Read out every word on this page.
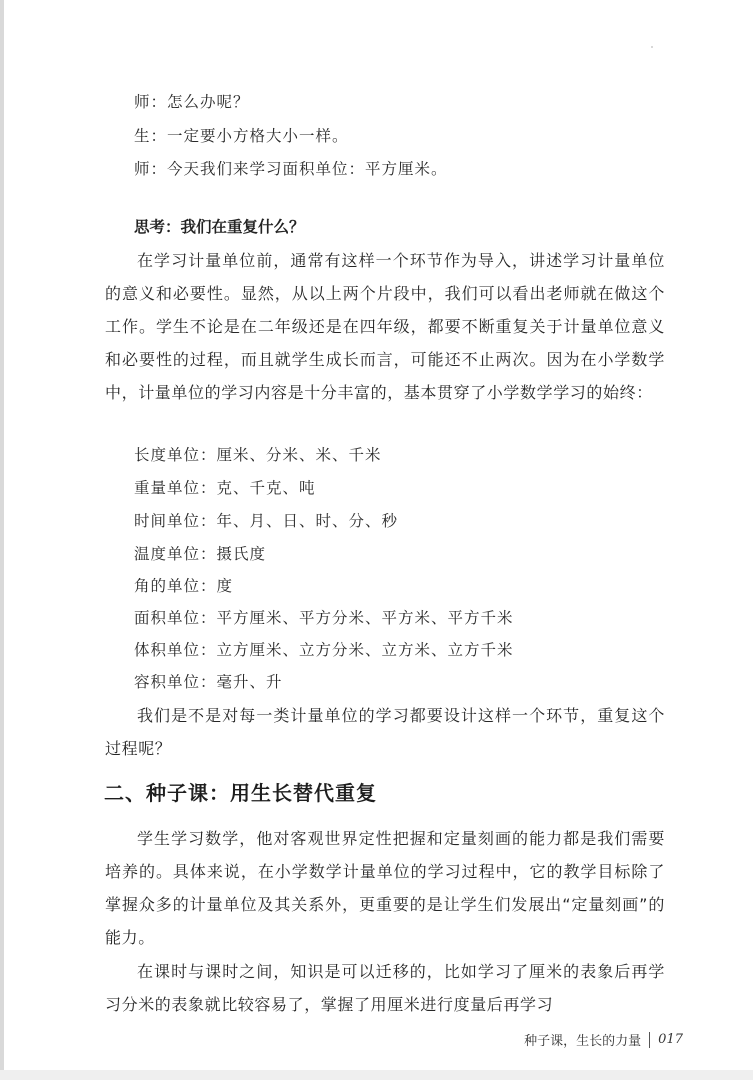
师：怎么办呢？

生：一定要小方格大小一样。

师：今天我们来学习面积单位：平方厘米。

思考：我们在重复什么？

在学习计量单位前，通常有这样一个环节作为导入，讲述学习计量单位的意义和必要性。显然，从以上两个片段中，我们可以看出老师就在做这个工作。学生不论是在二年级还是在四年级，都要不断重复关于计量单位意义和必要性的过程，而且就学生成长而言，可能还不止两次。因为在小学数学中，计量单位的学习内容是十分丰富的，基本贯穿了小学数学学习的始终：

长度单位：厘米、分米、米、千米

重量单位：克、千克、吨

时间单位：年、月、日、时、分、秒

温度单位：摄氏度

角的单位：度

面积单位：平方厘米、平方分米、平方米、平方千米

体积单位：立方厘米、立方分米、立方米、立方千米

容积单位：毫升、升

我们是不是对每一类计量单位的学习都要设计这样一个环节，重复这个过程呢？

二、种子课：用生长替代重复

学生学习数学，他对客观世界定性把握和定量刻画的能力都是我们需要培养的。具体来说，在小学数学计量单位的学习过程中，它的教学目标除了掌握众多的计量单位及其关系外，更重要的是让学生们发展出“定量刻画”的能力。

在课时与课时之间，知识是可以迁移的，比如学习了厘米的表象后再学习分米的表象就比较容易了，掌握了用厘米进行度量后再学习

种子课，生长的力量 017
